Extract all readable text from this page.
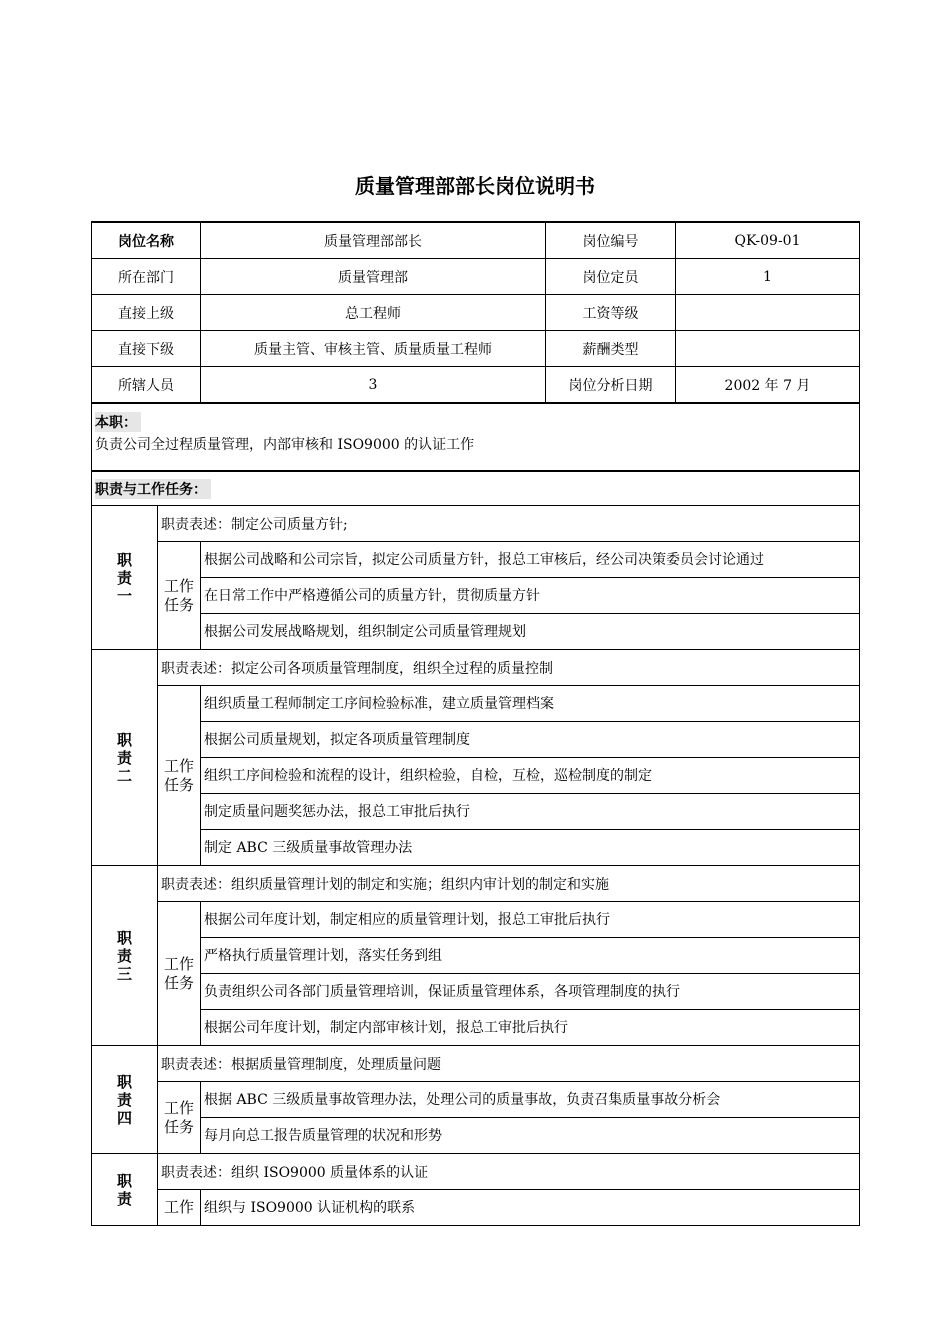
质量管理部部长岗位说明书
岗位名称		质量管理部部长	岗位编号	QK-09-01
所在部门		质量管理部	岗位定员	1
直接上级		总工程师	工资等级	
直接下级		质量主管、审核主管、质量质量工程师	薪酬类型	
所辖人员		3	岗位分析日期	2002 年 7 月
本职：
负责公司全过程质量管理，内部审核和 ISO9000 的认证工作				

职责与工作任务：				

职
责
一	职责表述：制定公司质量方针;			

	工作
任务	根据公司战略和公司宗旨，拟定公司质量方针，报总工审核后，经公司决策委员会讨论通过		
		在日常工作中严格遵循公司的质量方针，贯彻质量方针		
		根据公司发展战略规划，组织制定公司质量管理规划		

职
责
二	职责表述：拟定公司各项质量管理制度，组织全过程的质量控制			

	工作
任务	组织质量工程师制定工序间检验标准，建立质量管理档案		
		根据公司质量规划，拟定各项质量管理制度		
		组织工序间检验和流程的设计，组织检验，自检，互检，巡检制度的制定		
		制定质量问题奖惩办法，报总工审批后执行		
		制定 ABC 三级质量事故管理办法		

职
责
三	职责表述：组织质量管理计划的制定和实施；组织内审计划的制定和实施			

	工作
任务	根据公司年度计划，制定相应的质量管理计划，报总工审批后执行		
		严格执行质量管理计划，落实任务到组		
		负责组织公司各部门质量管理培训，保证质量管理体系，各项管理制度的执行		
		根据公司年度计划，制定内部审核计划，报总工审批后执行		

职
责
四	职责表述：根据质量管理制度，处理质量问题			

	工作
任务	根据 ABC 三级质量事故管理办法，处理公司的质量事故，负责召集质量事故分析会		
		每月向总工报告质量管理的状况和形势		

职
责	职责表述：组织 ISO9000 质量体系的认证			

	工作	组织与 ISO9000 认证机构的联系		
